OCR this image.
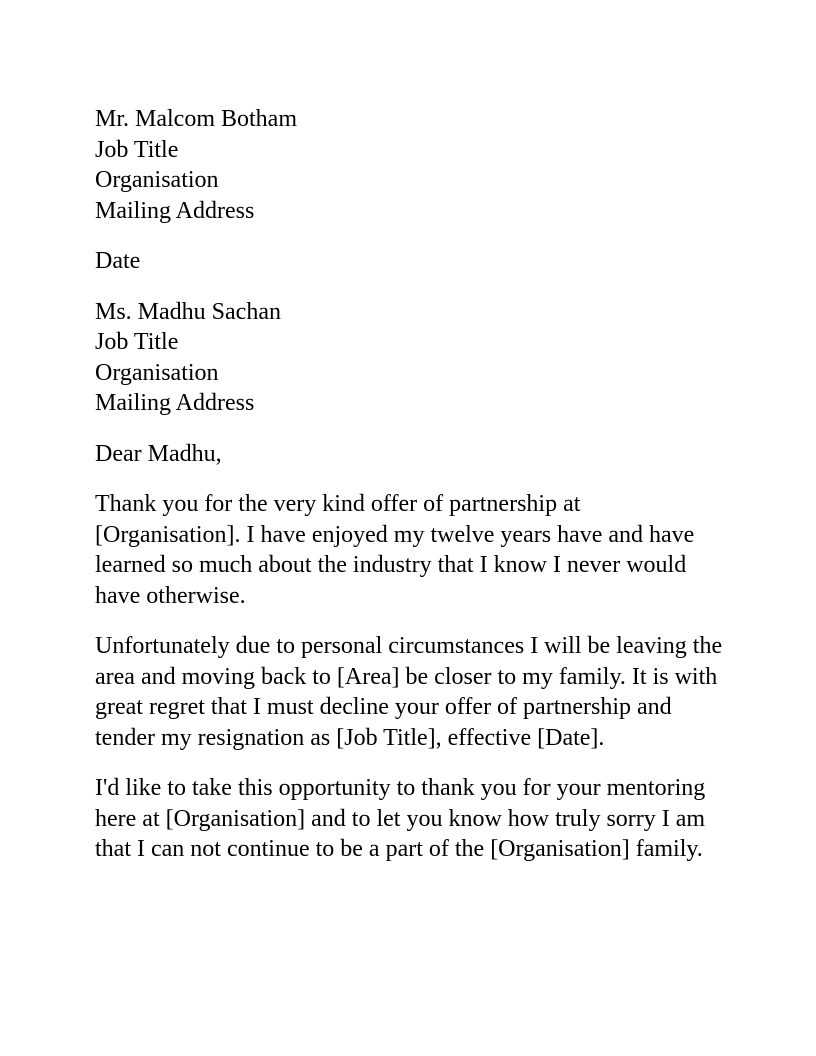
Mr. Malcom Botham
Job Title
Organisation
Mailing Address
Date
Ms. Madhu Sachan
Job Title
Organisation
Mailing Address
Dear Madhu,

Thank you for the very kind offer of partnership at [Organisation]. I have enjoyed my twelve years have and have learned so much about the industry that I know I never would have otherwise.

Unfortunately due to personal circumstances I will be leaving the area and moving back to [Area] be closer to my family. It is with great regret that I must decline your offer of partnership and tender my resignation as [Job Title], effective [Date].

I'd like to take this opportunity to thank you for your mentoring here at [Organisation] and to let you know how truly sorry I am that I can not continue to be a part of the [Organisation] family.
